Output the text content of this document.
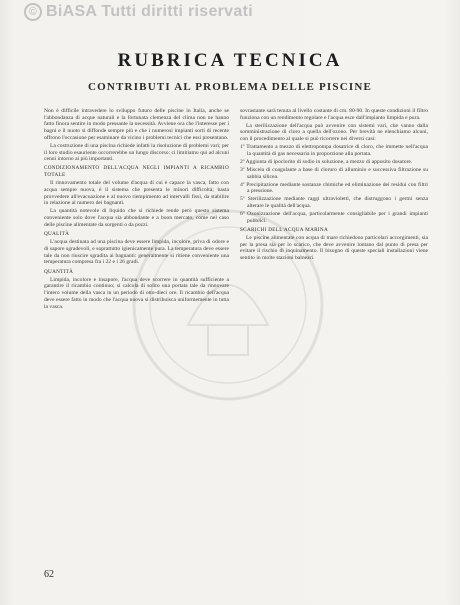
© BiASA Tutti diritti riservati
RUBRICA TECNICA
CONTRIBUTI AL PROBLEMA DELLE PISCINE

Non è difficile intravedere lo sviluppo futuro delle piscine in Italia, anche se l'abbondanza di acque naturali e la fortunata clemenza del clima non ne hanno fatto finora sentire in modo pressante la necessità. Avviene ora che l'interesse per i bagni e il nuoto si diffonde sempre più e che i numerosi impianti sorti di recente offrono l'occasione per esaminare da vicino i problemi tecnici che essi presentano.

La costruzione di una piscina richiede infatti la risoluzione di problemi vari; per il loro studio esauriente occorrerebbe un lungo discorso: ci limitiamo qui ad alcuni cenni intorno ai più importanti.

CONDIZIONAMENTO DELL'ACQUA NEGLI IMPIANTI A RICAMBIO TOTALE

Il rinnovamento totale del volume d'acqua di cui è capace la vasca, fatto con acqua sempre nuova, è il sistema che presenta le minori difficoltà; basta provvedere all'evacuazione e al nuovo riempimento ad intervalli fissi, da stabilire in relazione al numero dei bagnanti.

La quantità notevole di liquido che si richiede rende però questo sistema conveniente solo dove l'acqua sia abbondante e a buon mercato, come nel caso delle piscine alimentate da sorgenti o da pozzi.

QUALITÀ

L'acqua destinata ad una piscina deve essere limpida, incolore, priva di odore e di sapore sgradevoli, e soprattutto igienicamente pura. La temperatura deve essere tale da non riuscire sgradita ai bagnanti: generalmente si ritiene conveniente una temperatura compresa fra i 22 e i 26 gradi.

QUANTITÀ

Limpida, incolore e insapore, l'acqua deve scorrere in quantità sufficiente a garantire il ricambio continuo; si calcola di solito una portata tale da rinnovare l'intero volume della vasca in un periodo di otto-dieci ore. Il ricambio dell'acqua deve essere fatto in modo che l'acqua nuova si distribuisca uniformemente in tutta la vasca.

sovrastante sarà tenuta al livello costante di cm. 80-90. In queste condizioni il filtro funziona con un rendimento regolare e l'acqua esce dall'impianto limpida e pura.

La sterilizzazione dell'acqua può avvenire con sistemi vari, che vanno dalla somministrazione di cloro a quella dell'ozono. Per brevità ne elenchiamo alcuni, con il procedimento al quale si può ricorrere nei diversi casi:

1º Trattamento a mezzo di elettropompa dosatrice di cloro, che immette nell'acqua la quantità di gas necessaria in proporzione alla portata.

2º Aggiunta di ipoclorito di sodio in soluzione, a mezzo di apposito dosatore.

3º Miscela di coagulante a base di cloruro di alluminio e successiva filtrazione su sabbia silicea.

4º Precipitazione mediante sostanze chimiche ed eliminazione dei residui con filtri a pressione.

5º Sterilizzazione mediante raggi ultravioletti, che distruggono i germi senza alterare le qualità dell'acqua.

6º Ozonizzazione dell'acqua, particolarmente consigliabile per i grandi impianti pubblici.

SCARICHI DELL'ACQUA MARINA

Le piscine alimentate con acqua di mare richiedono particolari accorgimenti, sia per la presa sia per lo scarico, che deve avvenire lontano dal punto di presa per evitare il rischio di inquinamento. Il bisogno di queste speciali installazioni viene sentito in molte stazioni balneari.

62
